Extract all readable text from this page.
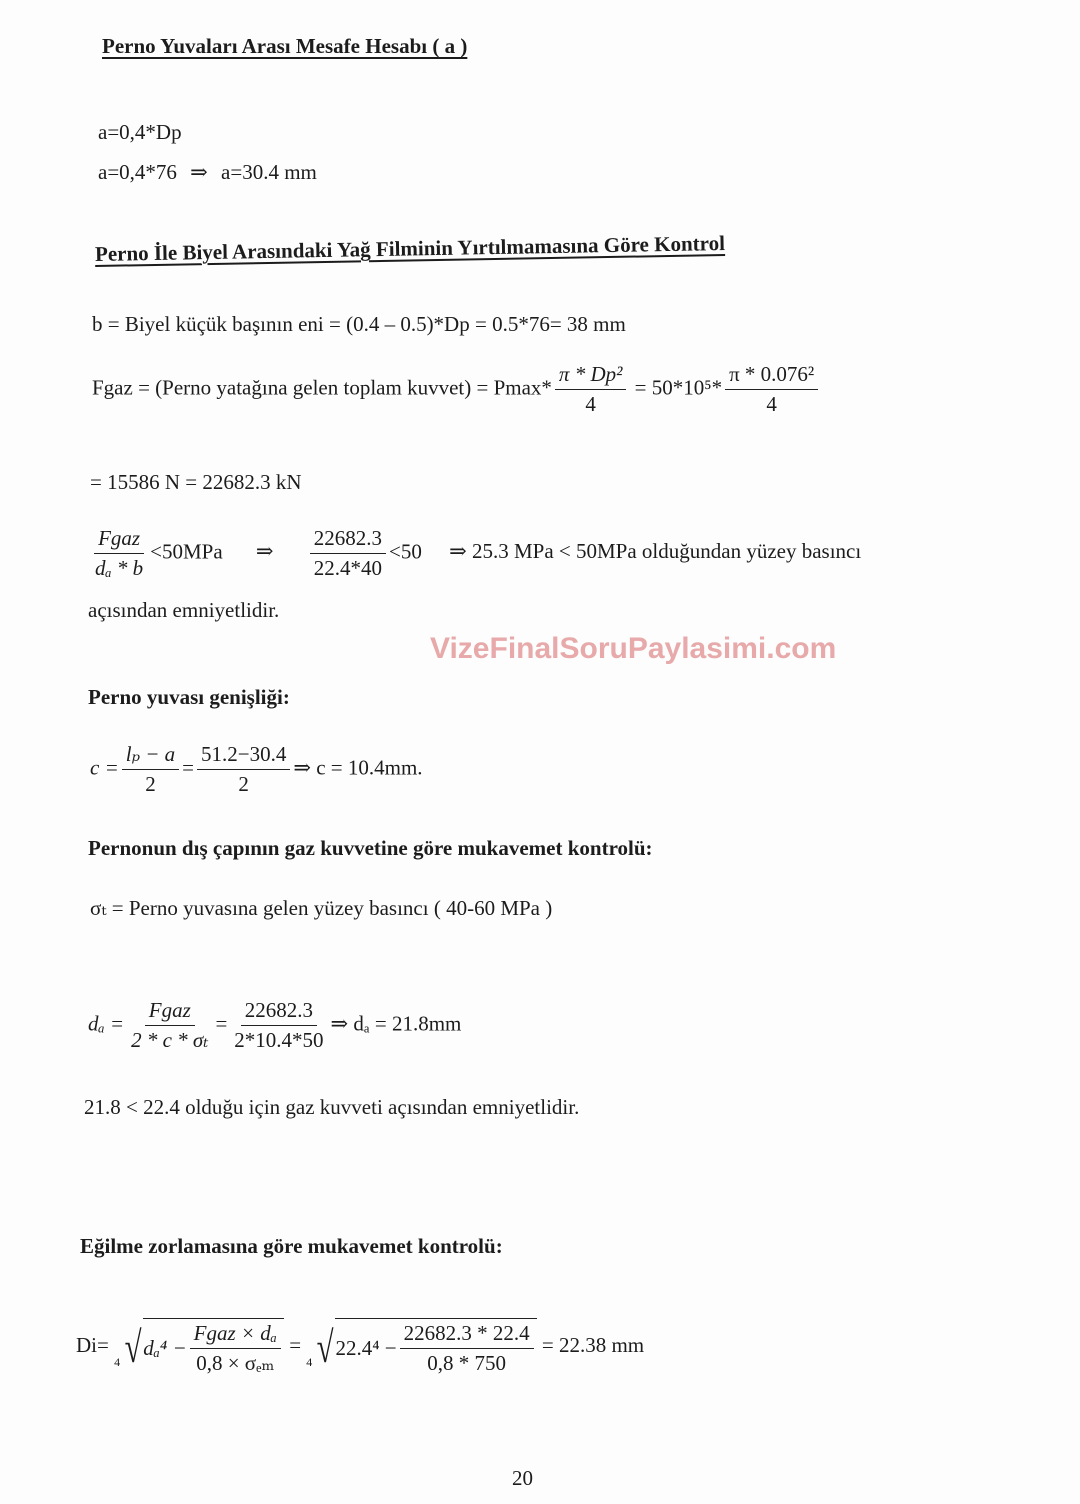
Perno Yuvaları Arası Mesafe Hesabı ( a )
a=0,4*Dp
a=0,4*76 ⇒ a=30.4 mm
Perno İle Biyel Arasındaki Yağ Filminin Yırtılmamasına Göre Kontrol
b = Biyel küçük başının eni = (0.4 – 0.5)*Dp = 0.5*76= 38 mm
Fgaz = (Perno yatağına gelen toplam kuvvet) = $Pmax* \frac{\text{π * Dp²}}{4} = 50*10^5* \frac{\text{π * 0.076²}}{4}$
= 15586 N = 22682.3 kN
$\frac{\text{Fgaz}}{\text{dₐ * b}} <50MPa$ ⇒ $\frac{22682.3}{22.4*40} <50$ ⇒ 25.3 MPa < 50MPa olduğundan yüzey basıncı
açısından emniyetlidir.
VizeFinalSoruPaylasimi.com
Perno yuvası genişliği:
$c = \frac{\text{lₚ − a}}{2} = \frac{51.2-30.4}{2}$ ⇒ c = 10.4mm.
Pernonun dış çapının gaz kuvvetine göre mukavemet kontrolü:
σₜ = Perno yuvasına gelen yüzey basıncı ( 40-60 MPa )
$d_a = \frac{\text{Fgaz}}{\text{2 * c * σₜ}} = \frac{22682.3}{2*10.4*50}$ ⇒ dₐ = 21.8mm
21.8 < 22.4 olduğu için gaz kuvveti açısından emniyetlidir.
Eğilme zorlamasına göre mukavemet kontrolü:
Di=
4 √ $d_a^4 - \frac{\text{Fgaz × dₐ}}{\text{0,8 × σₑₘ}}$ =
4 √ $22.4^4 - \frac{22682.3 * 22.4}{0,8 * 750} = 22.38$ mm
20
